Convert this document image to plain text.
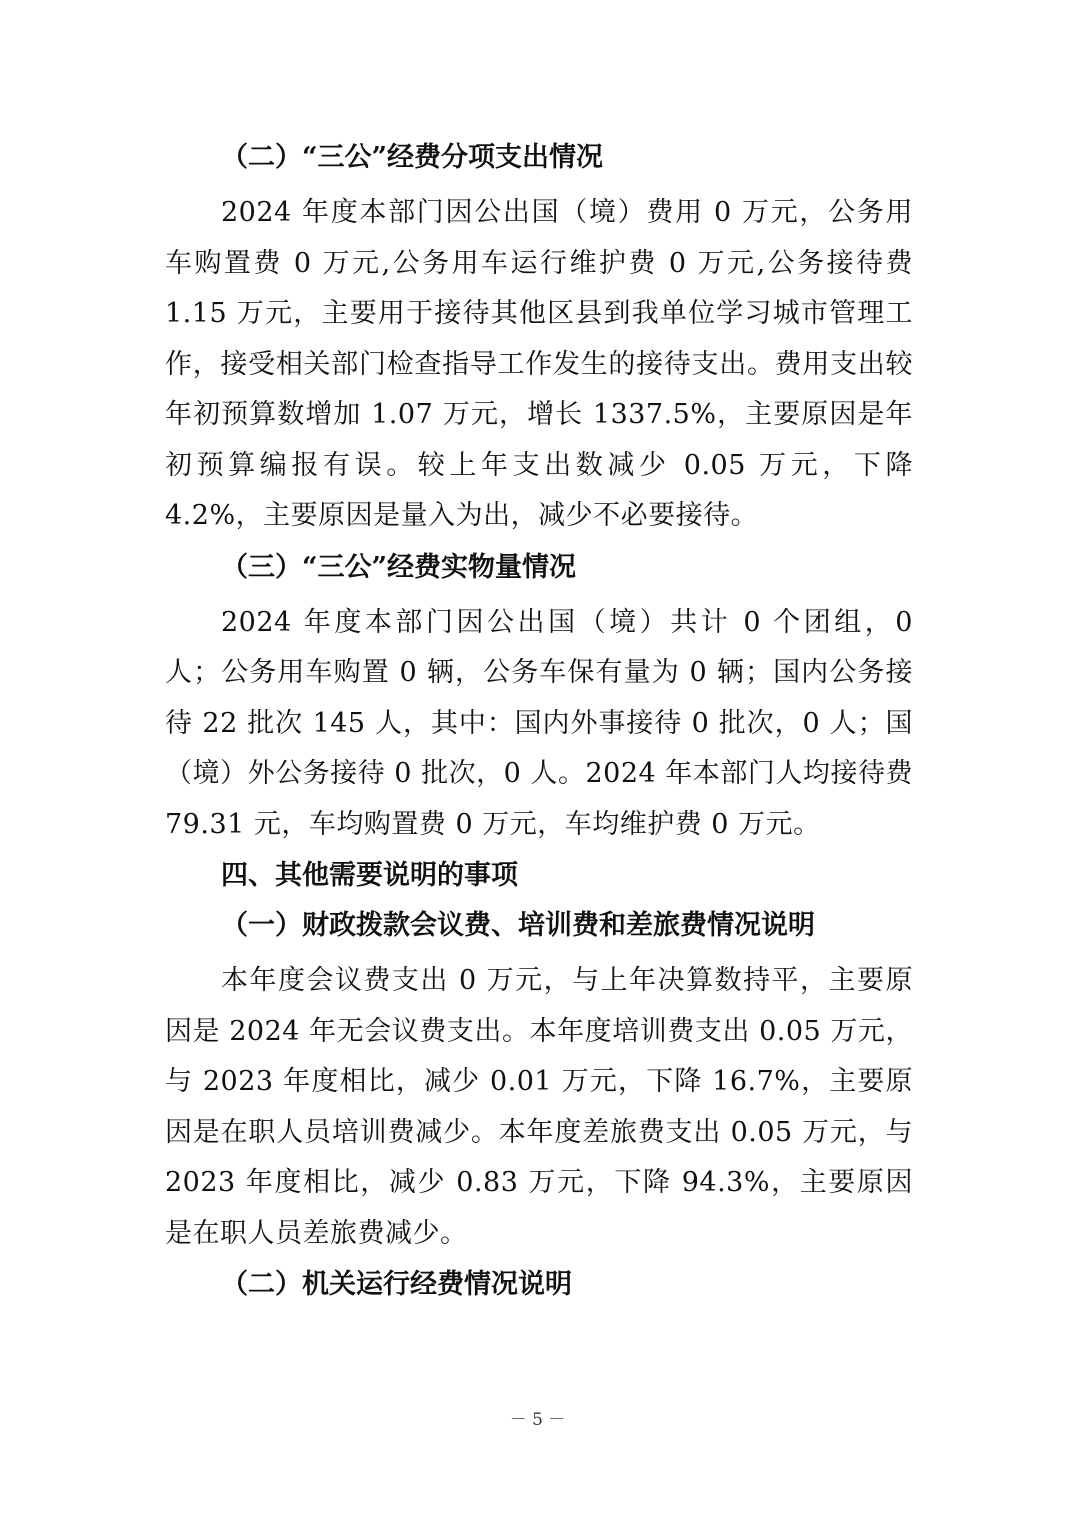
（二）“三公”经费分项支出情况

2024 年度本部门因公出国（境）费用 0 万元，公务用车购置费 0 万元,公务用车运行维护费 0 万元,公务接待费 1.15 万元，主要用于接待其他区县到我单位学习城市管理工作，接受相关部门检查指导工作发生的接待支出。费用支出较年初预算数增加 1.07 万元，增长 1337.5%，主要原因是年初预算编报有误。较上年支出数减少 0.05 万元，下降 4.2%，主要原因是量入为出，减少不必要接待。

（三）“三公”经费实物量情况

2024 年度本部门因公出国（境）共计 0 个团组，0 人；公务用车购置 0 辆，公务车保有量为 0 辆；国内公务接待 22 批次 145 人，其中：国内外事接待 0 批次，0 人；国（境）外公务接待 0 批次，0 人。2024 年本部门人均接待费 79.31 元，车均购置费 0 万元，车均维护费 0 万元。

四、其他需要说明的事项
（一）财政拨款会议费、培训费和差旅费情况说明

本年度会议费支出 0 万元，与上年决算数持平，主要原因是 2024 年无会议费支出。本年度培训费支出 0.05 万元，与 2023 年度相比，减少 0.01 万元，下降 16.7%，主要原因是在职人员培训费减少。本年度差旅费支出 0.05 万元，与 2023 年度相比，减少 0.83 万元，下降 94.3%，主要原因是在职人员差旅费减少。

（二）机关运行经费情况说明
－ 5 －
